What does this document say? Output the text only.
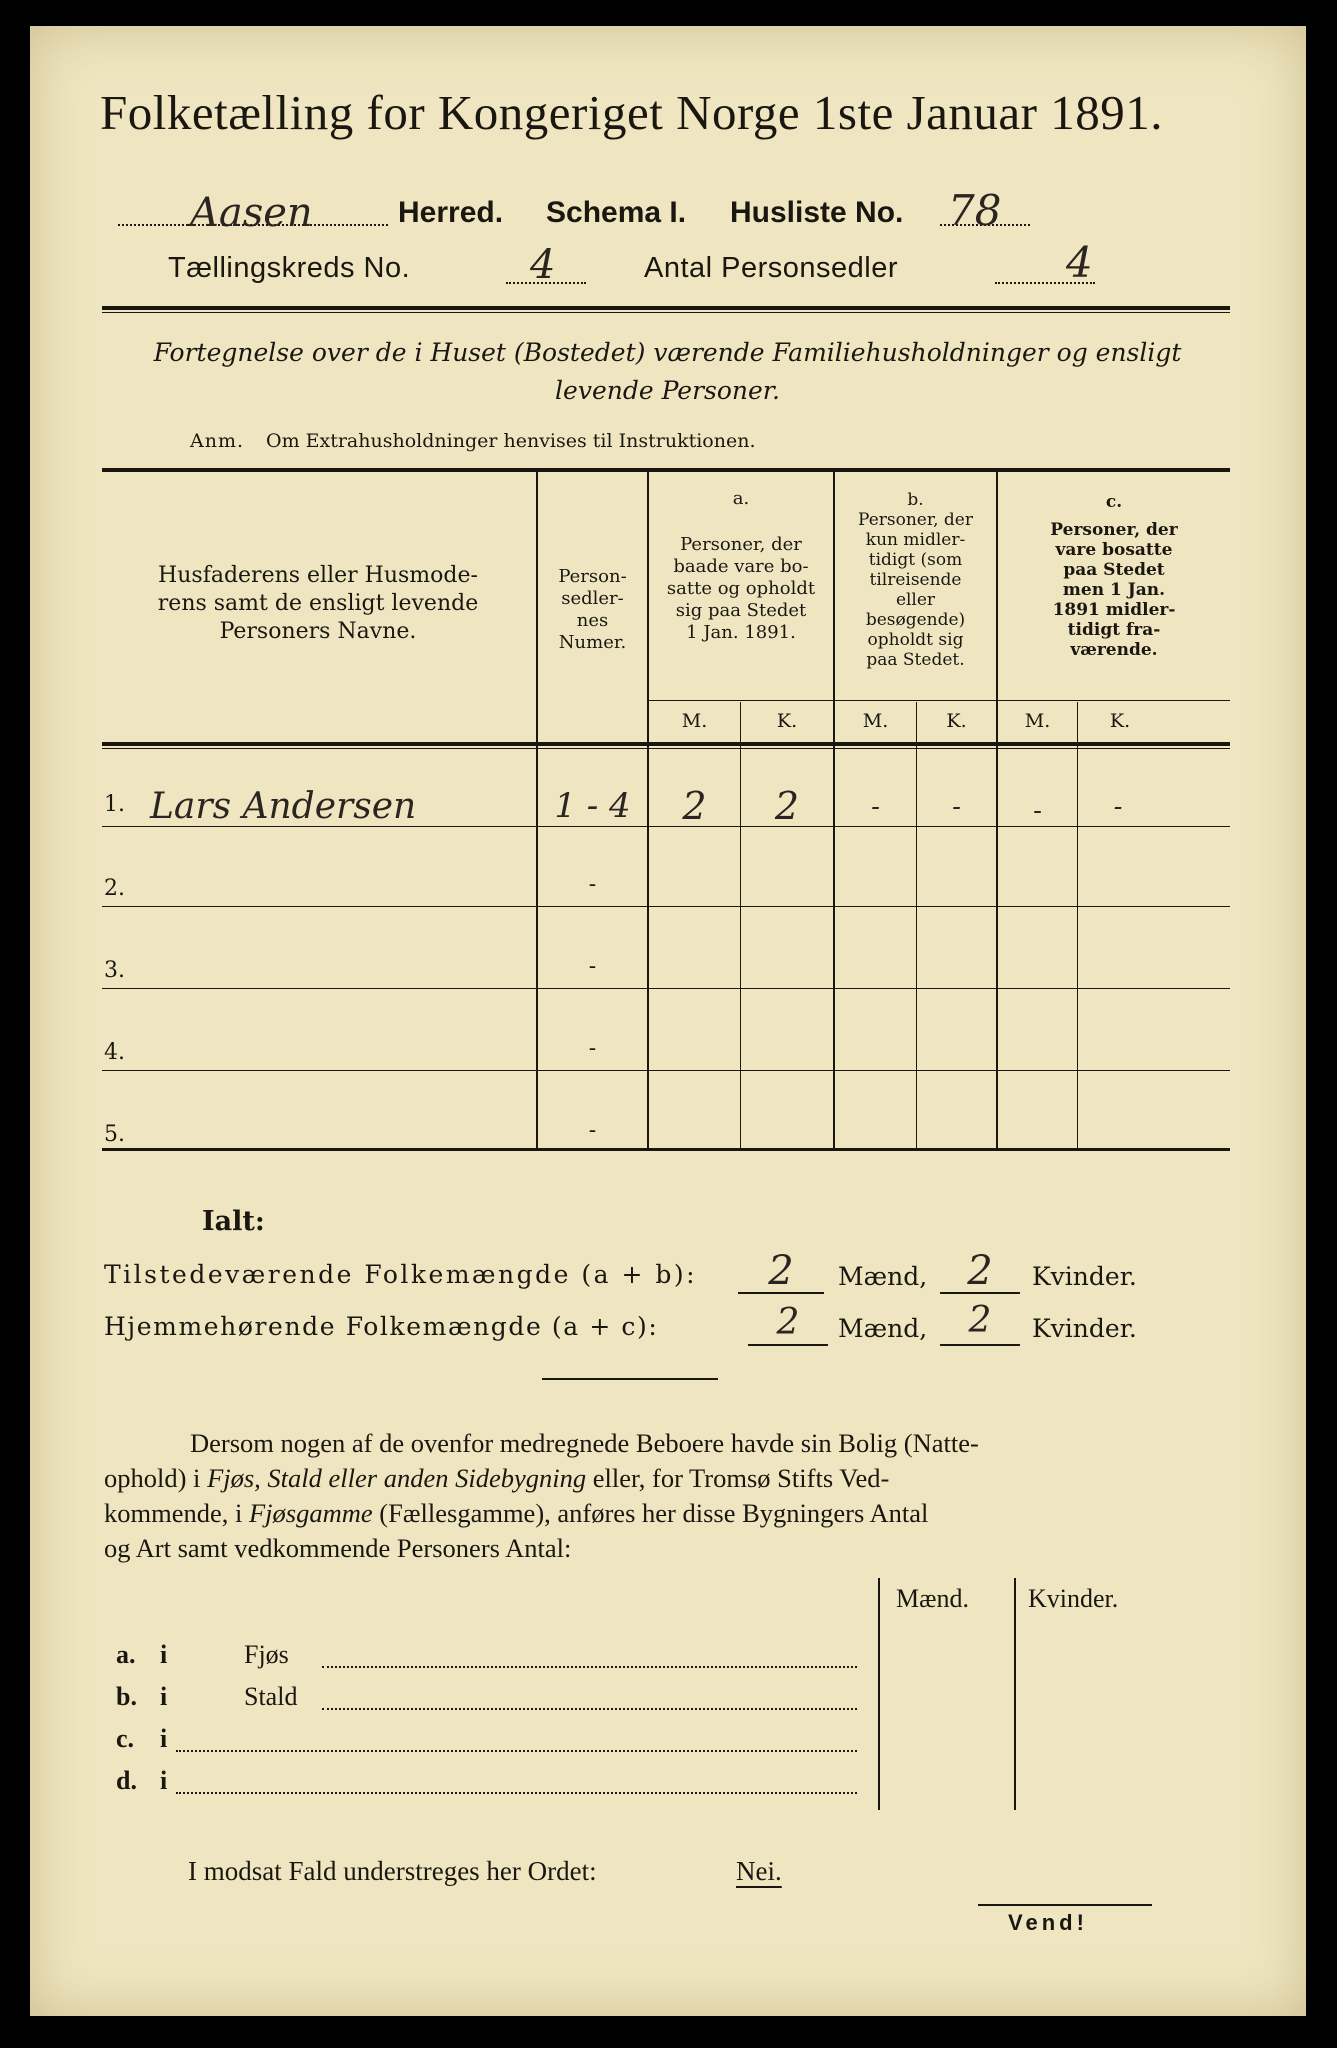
Folketælling for Kongeriget Norge 1ste Januar 1891.
Aasen	Herred. Schema I. Husliste No. 78
Tællingskreds No.	4	Antal Personsedler	4
Fortegnelse over de i Huset (Bostedet) værende Familiehusholdninger og ensligt
levende Personer.
Anm. Om Extrahusholdninger henvises til Instruktionen.
Husfaderens eller Husmode-
rens samt de ensligt levende
Personers Navne.
Person-
sedler-
nes
Numer.
a.
Personer, der
baade vare bo-
satte og opholdt
sig paa Stedet
1 Jan. 1891.
b.
Personer, der
kun midler-
tidigt (som
tilreisende
eller
besøgende)
opholdt sig
paa Stedet.
c.
Personer, der
vare bosatte
paa Stedet
men 1 Jan.
1891 midler-
tidigt fra-
værende.
M.	K.	M.	K.	M.	K.
1. Lars Andersen	1 - 4	2	2	-	-	-	-
2.	-
3.	-
4.	-
5.	-
Ialt:
Tilstedeværende Folkemængde (a + b):	2	Mænd,	2	Kvinder.
Hjemmehørende Folkemængde (a + c):	2	Mænd,	2	Kvinder.
Dersom nogen af de ovenfor medregnede Beboere havde sin Bolig (Natte-
ophold) i Fjøs, Stald eller anden Sidebygning eller, for Tromsø Stifts Ved-
kommende, i Fjøsgamme (Fællesgamme), anføres her disse Bygningers Antal
og Art samt vedkommende Personers Antal:
Mænd. Kvinder.
a. i	Fjøs
b. i	Stald
c. i
d. i
I modsat Fald understreges her Ordet:	Nei.
Vend!
